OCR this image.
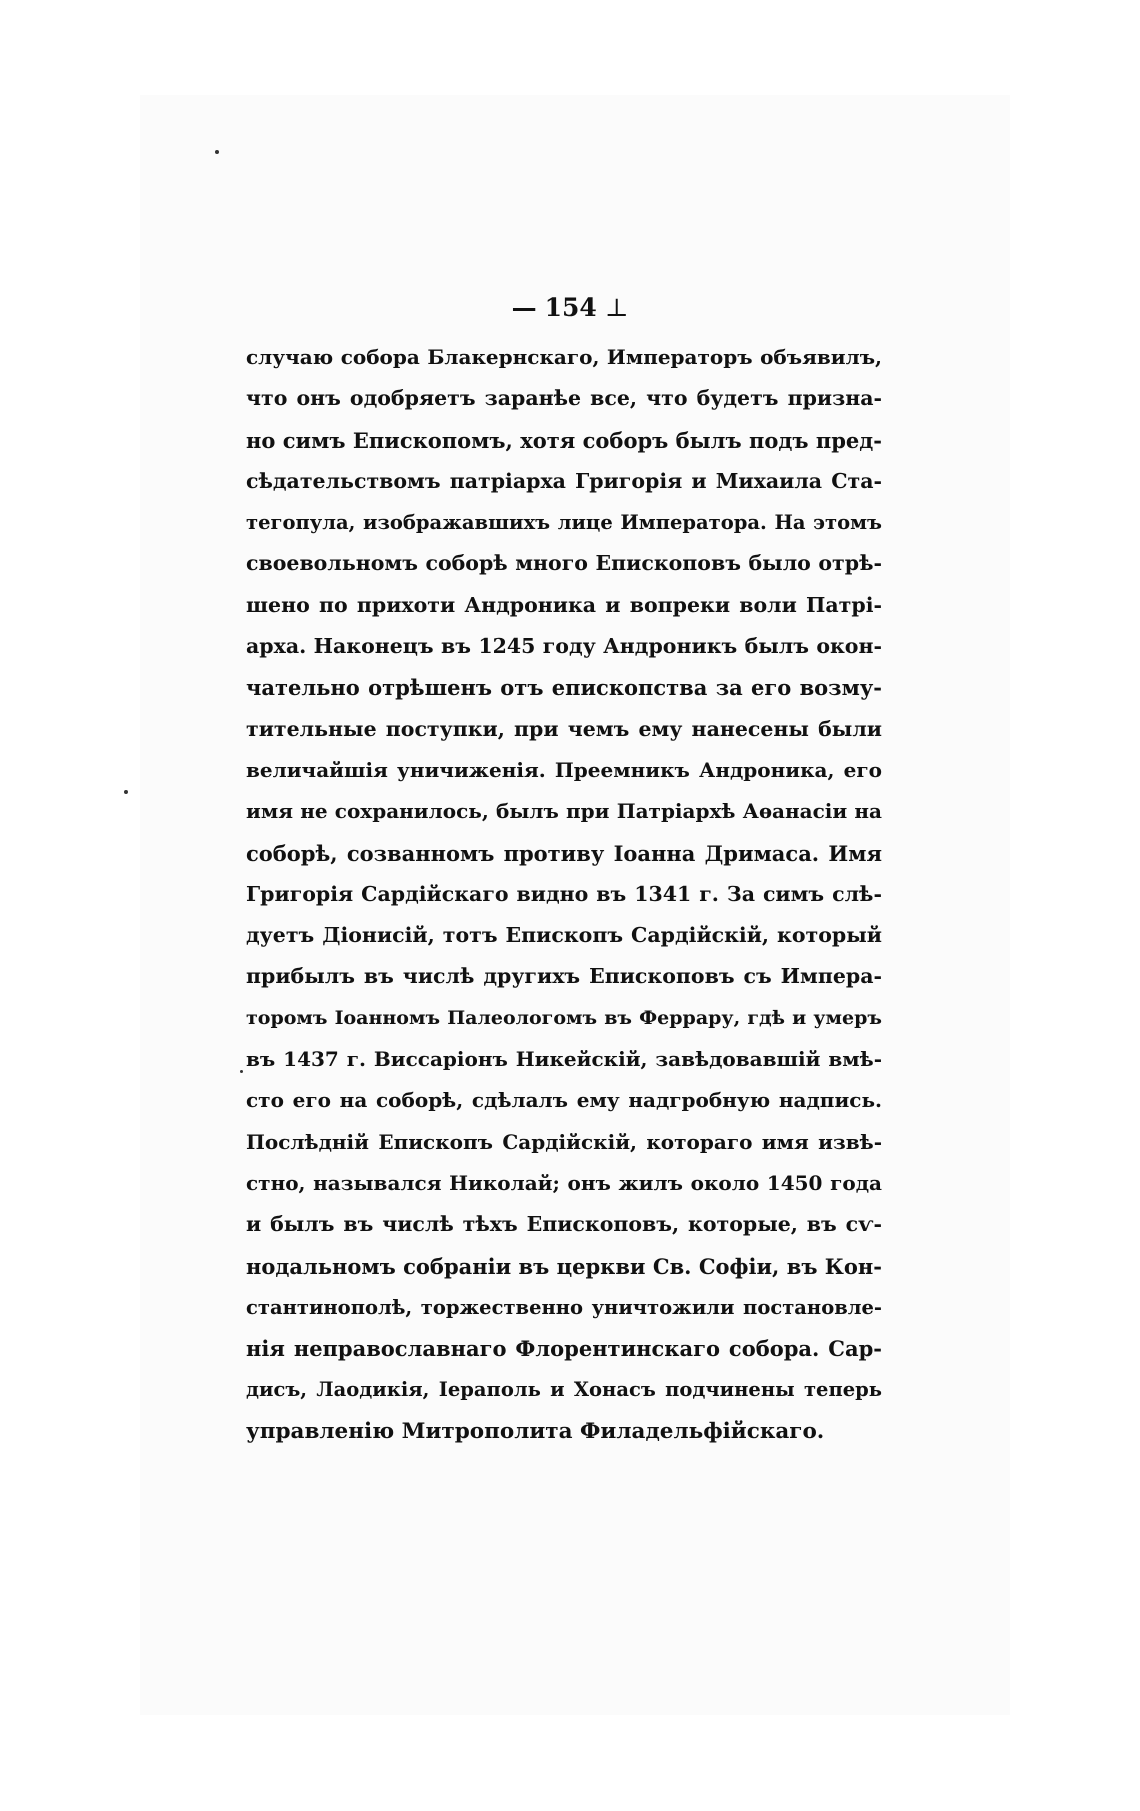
— 154 ⊥
случаю собора Блакернскаго, Императоръ объявилъ,
что онъ одобряетъ заранѣе все, что будетъ призна-
но симъ Епископомъ, хотя соборъ былъ подъ пред-
сѣдательствомъ патріарха Григорія и Михаила Ста-
тегопула, изображавшихъ лице Императора. На этомъ
своевольномъ соборѣ много Епископовъ было отрѣ-
шено по прихоти Андроника и вопреки воли Патрі-
арха. Наконецъ въ 1245 году Андроникъ былъ окон-
чательно отрѣшенъ отъ епископства за его возму-
тительные поступки, при чемъ ему нанесены были
величайшія уничиженія. Преемникъ Андроника, его
имя не сохранилось, былъ при Патріархѣ Аѳанасіи на
соборѣ, созванномъ противу Іоанна Дримаса. Имя
Григорія Сардійскаго видно въ 1341 г. За симъ слѣ-
дуетъ Діонисій, тотъ Епископъ Сардійскій, который
прибылъ въ числѣ другихъ Епископовъ съ Импера-
торомъ Іоанномъ Палеологомъ въ Феррару, гдѣ и умеръ
въ 1437 г. Виссаріонъ Никейскій, завѣдовавшій вмѣ-
сто его на соборѣ, сдѣлалъ ему надгробную надпись.
Послѣдній Епископъ Сардійскій, котораго имя извѣ-
стно, назывался Николай; онъ жилъ около 1450 года
и былъ въ числѣ тѣхъ Епископовъ, которые, въ сѵ-
нодальномъ собраніи въ церкви Св. Софіи, въ Кон-
стантинополѣ, торжественно уничтожили постановле-
нія неправославнаго Флорентинскаго собора. Сар-
дисъ, Лаодикія, Іераполь и Хонасъ подчинены теперь
управленію Митрополита Филадельфійскаго.
